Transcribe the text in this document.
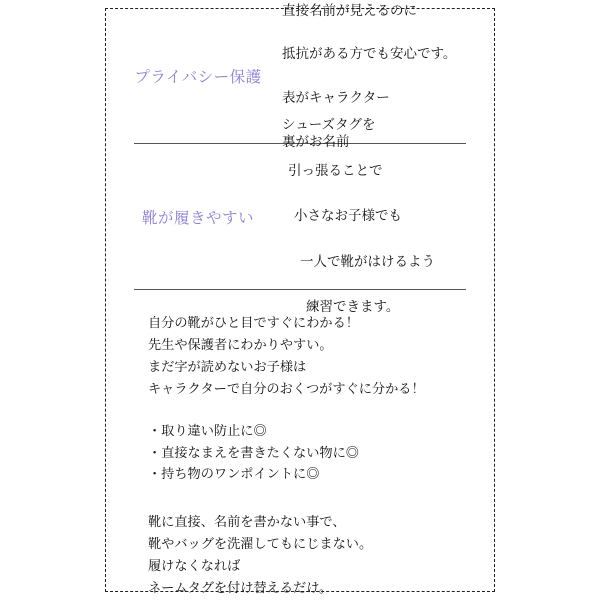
プライバシー保護

直接名前が見えるのに

抵抗がある方でも安心です。

表がキャラクター

裏がお名前

靴が履きやすい

シューズタグを

引っ張ることで

小さなお子様でも

一人で靴がはけるよう

練習できます。

自分の靴がひと目ですぐにわかる！
先生や保護者にわかりやすい。
まだ字が読めないお子様は
キャラクターで自分のおくつがすぐに分かる！
・取り違い防止に◎
・直接なまえを書きたくない物に◎
・持ち物のワンポイントに◎
靴に直接、名前を書かない事で、
靴やバッグを洗濯してもにじまない。
履けなくなれば
ネームタグを付け替えるだけ。
